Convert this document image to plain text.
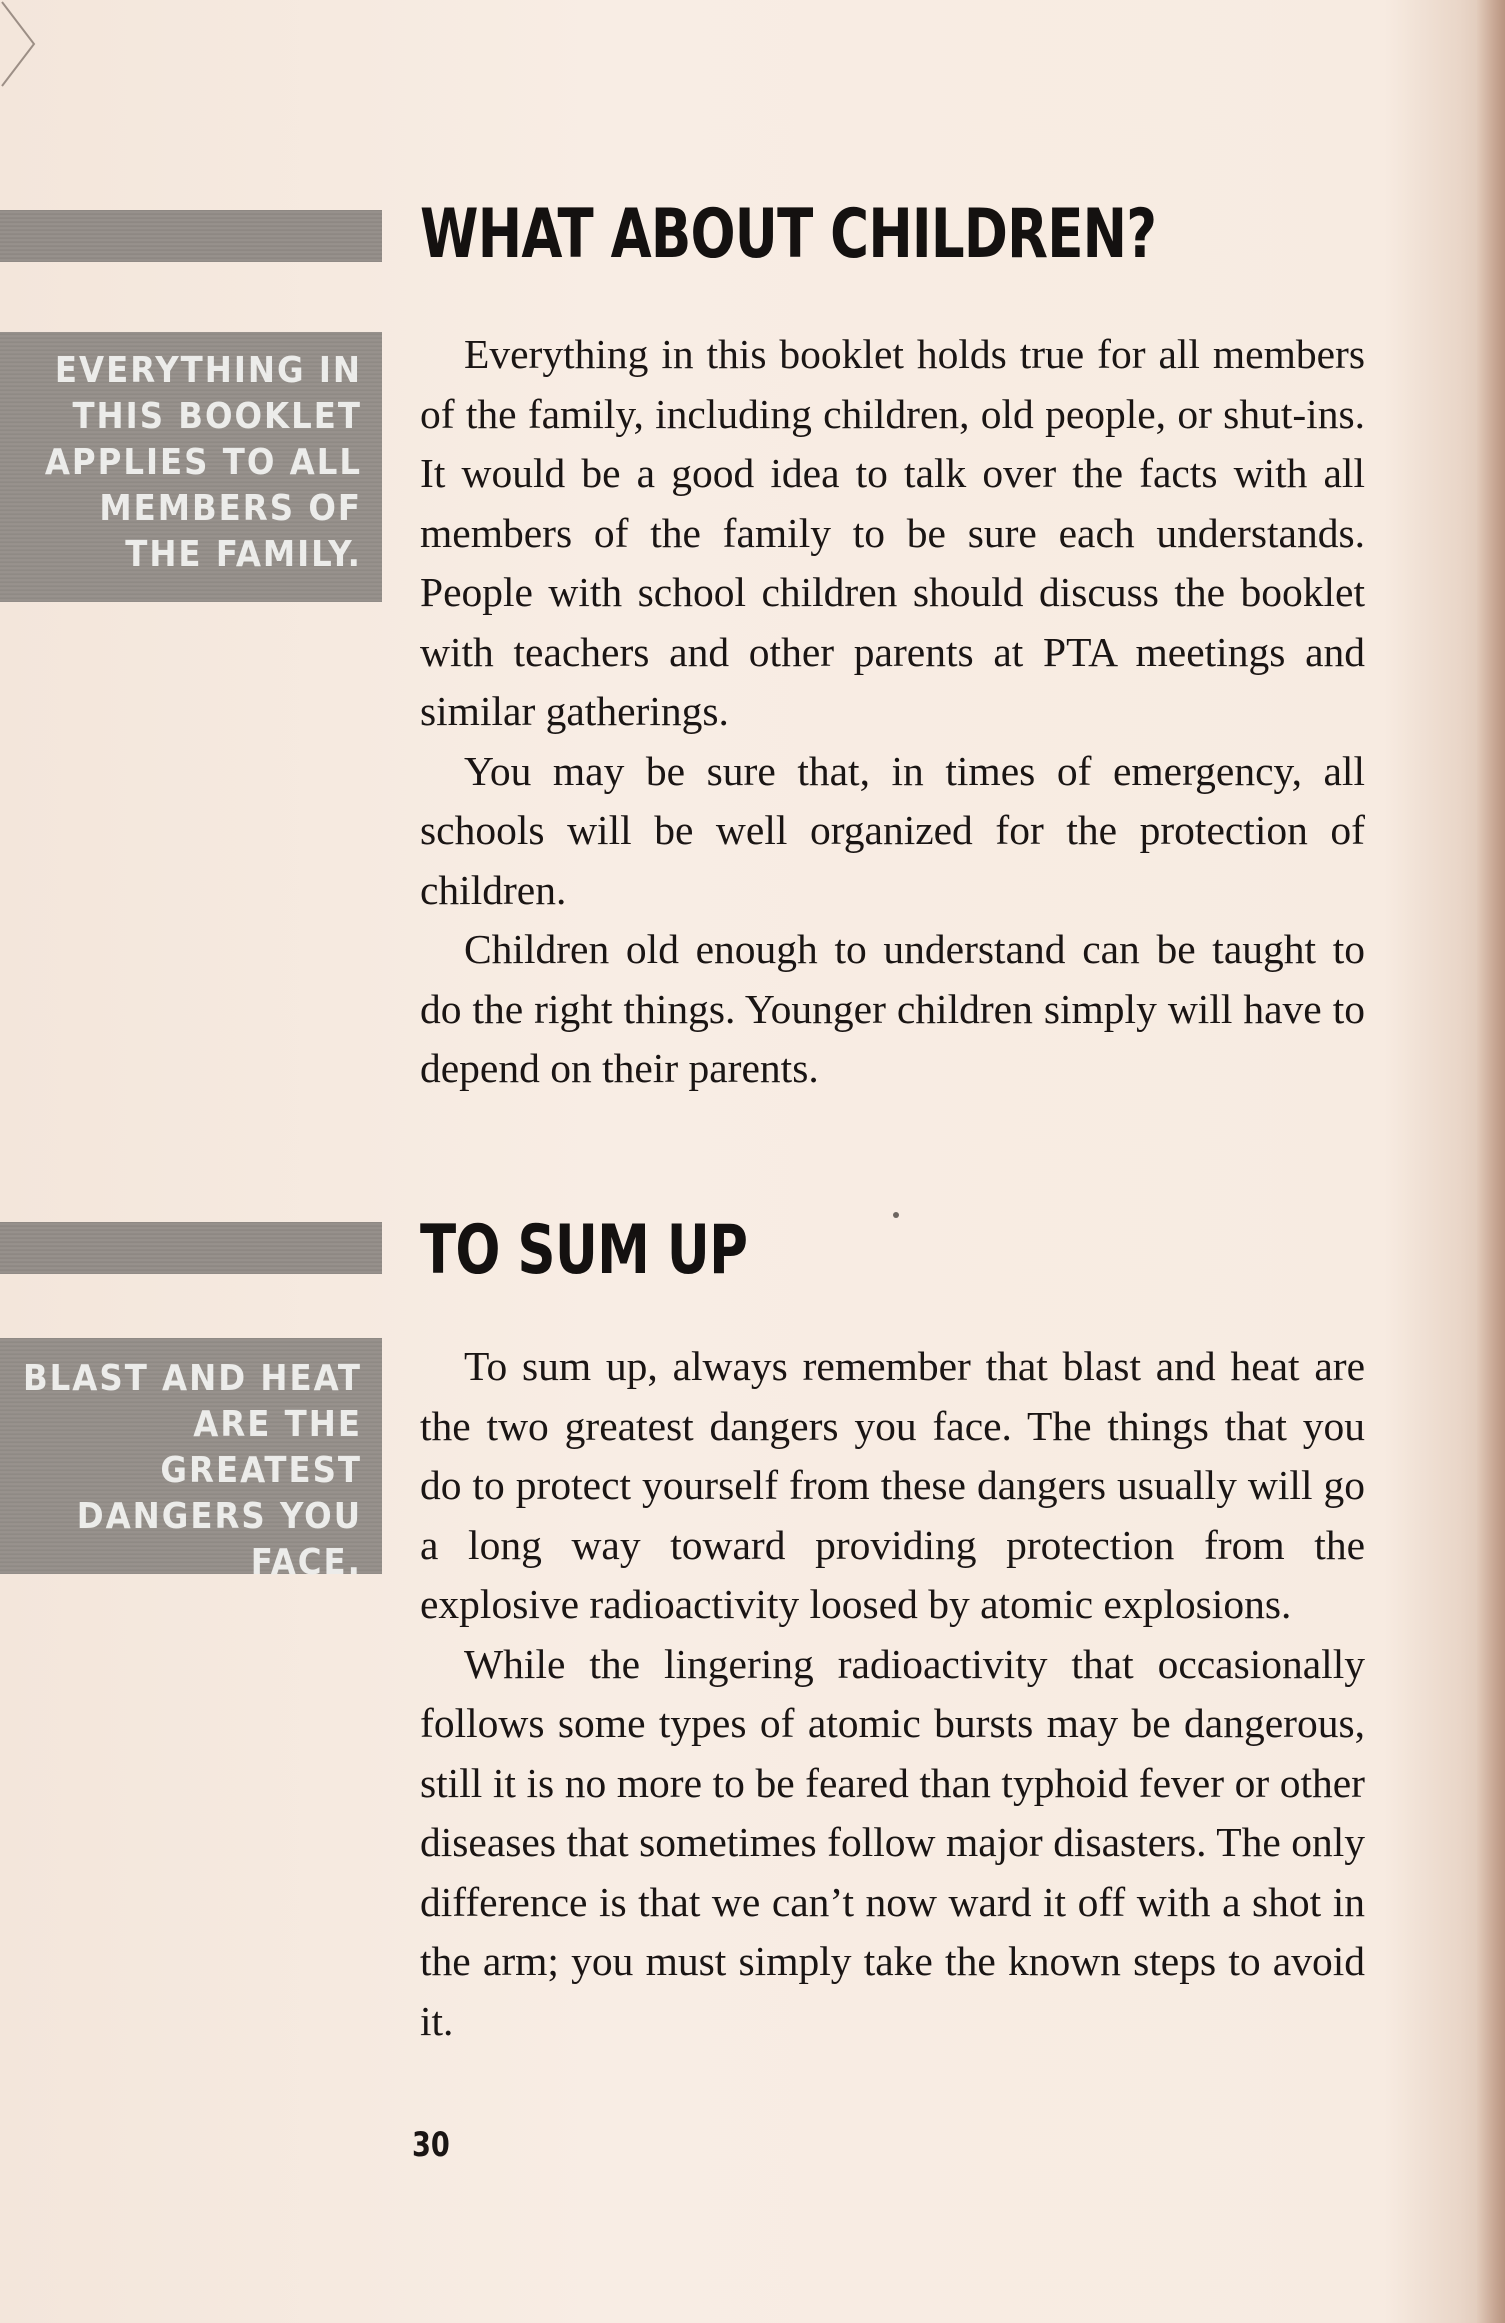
WHAT ABOUT CHILDREN?
EVERYTHING IN THIS BOOKLET APPLIES TO ALL MEMBERS OF THE FAMILY.

Everything in this booklet holds true for all members of the family, including children, old people, or shut-ins. It would be a good idea to talk over the facts with all members of the family to be sure each understands. People with school children should discuss the booklet with teachers and other parents at PTA meetings and similar gatherings.

You may be sure that, in times of emergency, all schools will be well organized for the protection of children.

Children old enough to understand can be taught to do the right things. Younger children simply will have to depend on their parents.

TO SUM UP
BLAST AND HEAT ARE THE GREATEST DANGERS YOU FACE.

To sum up, always remember that blast and heat are the two greatest dangers you face. The things that you do to protect yourself from these dangers usually will go a long way toward providing protection from the explosive radioactivity loosed by atomic explosions.

While the lingering radioactivity that occasionally follows some types of atomic bursts may be dangerous, still it is no more to be feared than typhoid fever or other diseases that sometimes follow major disasters. The only difference is that we can’t now ward it off with a shot in the arm; you must simply take the known steps to avoid it.

30
